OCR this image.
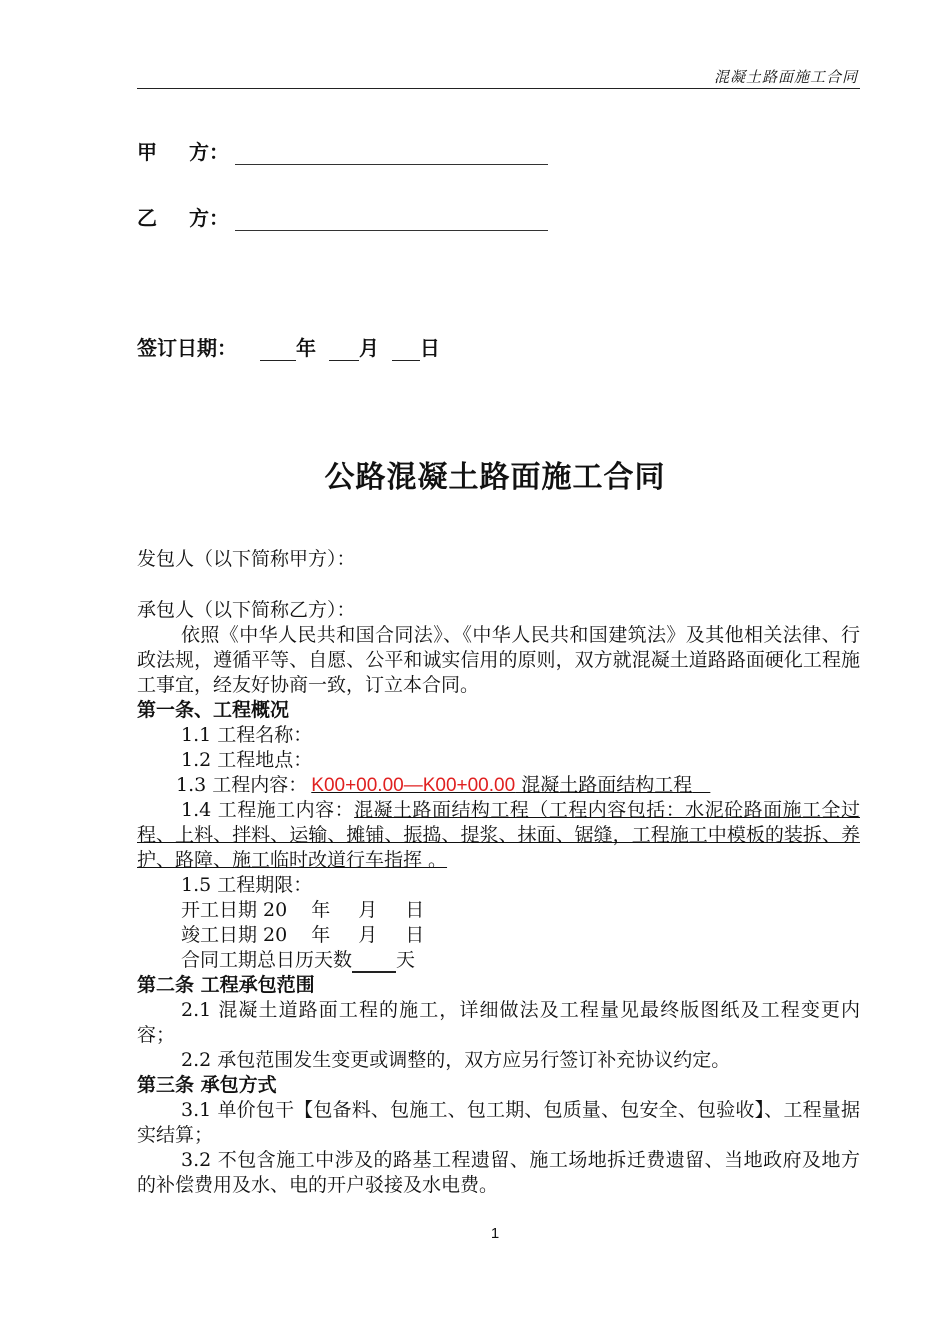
混凝土路面施工合同
甲 方：
乙 方：
签订日期：	年 月 日
公路混凝土路面施工合同
发包人（以下简称甲方）：

承包人（以下简称乙方）：

依照《中华人民共和国合同法》、《中华人民共和国建筑法》及其他相关法律、行政法规，遵循平等、自愿、公平和诚实信用的原则，双方就混凝土道路路面硬化工程施工事宜，经友好协商一致，订立本合同。

第一条、工程概况

1.1 工程名称：

1.2 工程地点：

1.3 工程内容： K00+00.00—K00+00.00 混凝土路面结构工程

1.4 工程施工内容：混凝土路面结构工程（工程内容包括：水泥砼路面施工全过程、上料、拌料、运输、摊铺、振捣、提浆、抹面、锯缝，工程施工中模板的装拆、养护、路障、施工临时改道行车指挥 。

1.5 工程期限：

开工日期 20 年 月 日

竣工日期 20 年 月 日

合同工期总日历天数 天

第二条 工程承包范围

2.1 混凝土道路面工程的施工，详细做法及工程量见最终版图纸及工程变更内容；

2.2 承包范围发生变更或调整的，双方应另行签订补充协议约定。

第三条 承包方式

3.1 单价包干【包备料、包施工、包工期、包质量、包安全、包验收】、工程量据实结算；

3.2 不包含施工中涉及的路基工程遗留、施工场地拆迁费遗留、当地政府及地方的补偿费用及水、电的开户驳接及水电费。

1
